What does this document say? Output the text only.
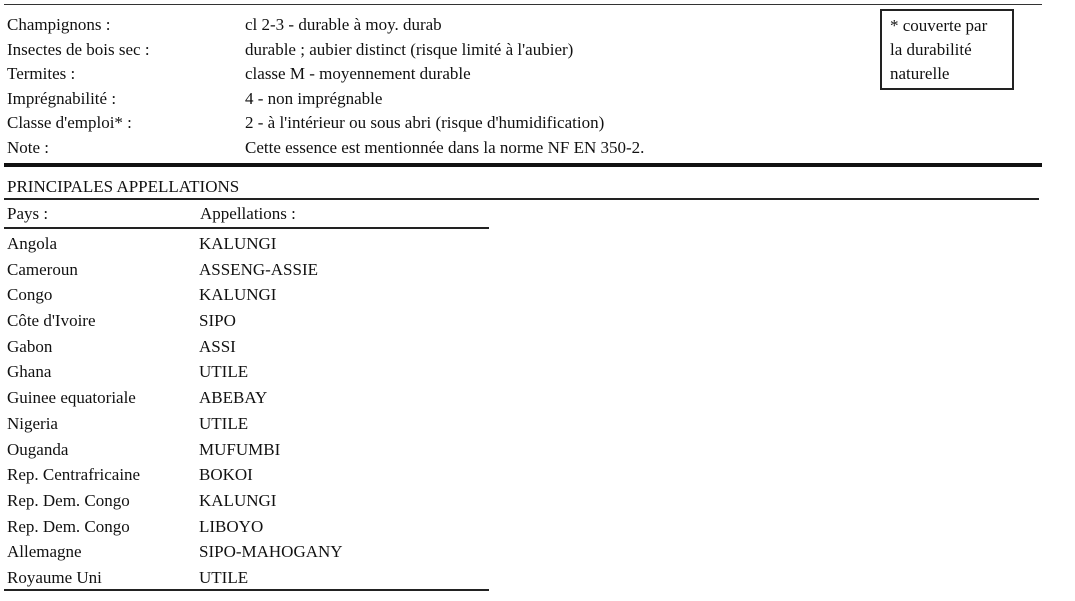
Champignons :	cl 2-3 - durable à moy. durab
Insectes de bois sec :	durable ; aubier distinct (risque limité à l'aubier)
Termites :	classe M - moyennement durable
Imprégnabilité :	4 - non imprégnable
Classe d'emploi* :	2 - à l'intérieur ou sous abri (risque d'humidification)
Note :	Cette essence est mentionnée dans la norme NF EN 350-2.
* couverte par
la durabilité
naturelle
PRINCIPALES APPELLATIONS
Pays :	Appellations :
Angola	KALUNGI
Cameroun	ASSENG-ASSIE
Congo	KALUNGI
Côte d'Ivoire	SIPO
Gabon	ASSI
Ghana	UTILE
Guinee equatoriale	ABEBAY
Nigeria	UTILE
Ouganda	MUFUMBI
Rep. Centrafricaine	BOKOI
Rep. Dem. Congo	KALUNGI
Rep. Dem. Congo	LIBOYO
Allemagne	SIPO-MAHOGANY
Royaume Uni	UTILE
